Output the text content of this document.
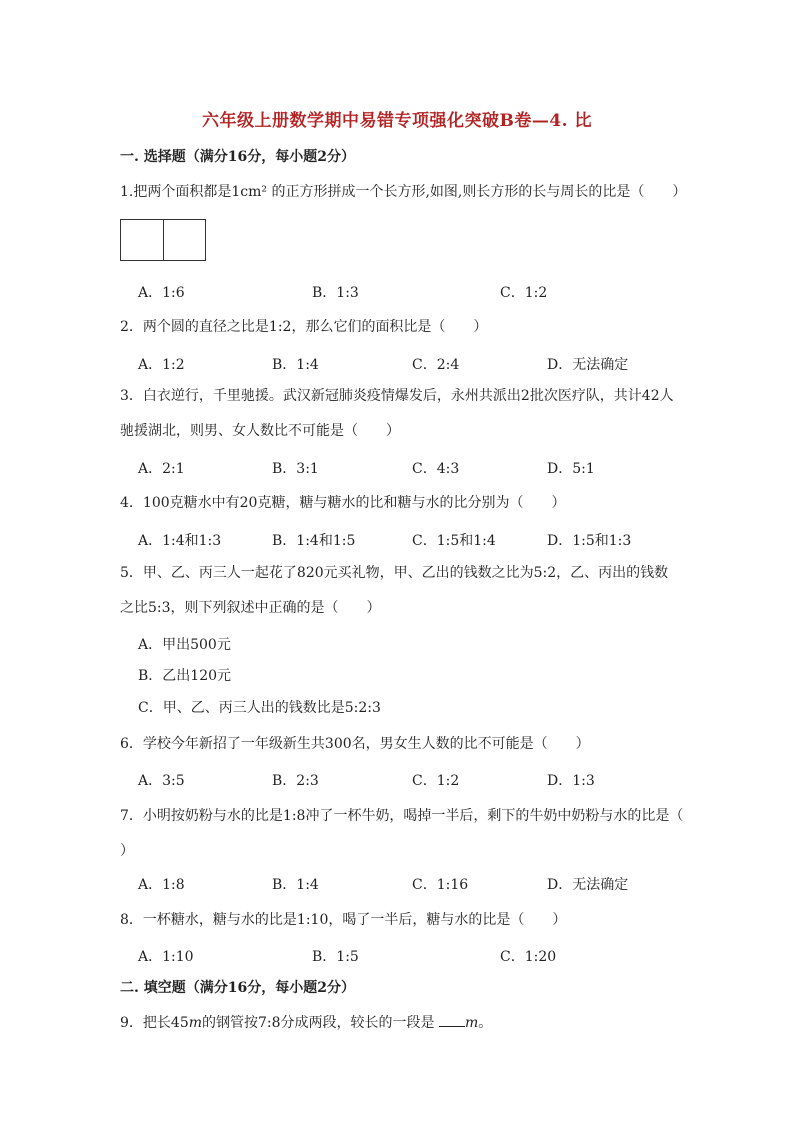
六年级上册数学期中易错专项强化突破B卷—4. 比
一. 选择题（满分16分，每小题2分）
1.把两个面积都是1cm² 的正方形拼成一个长方形,如图,则长方形的长与周长的比是（　　）
A．1:6	B．1:3	C．1:2
2．两个圆的直径之比是1:2，那么它们的面积比是（　　）
A．1:2	B．1:4	C．2:4	D．无法确定
3．白衣逆行，千里驰援。武汉新冠肺炎疫情爆发后，永州共派出2批次医疗队，共计42人
驰援湖北，则男、女人数比不可能是（　　）
A．2:1	B．3:1	C．4:3	D．5:1
4．100克糖水中有20克糖，糖与糖水的比和糖与水的比分别为（　　）
A．1:4和1:3	B．1:4和1:5	C．1:5和1:4	D．1:5和1:3
5．甲、乙、丙三人一起花了820元买礼物，甲、乙出的钱数之比为5:2，乙、丙出的钱数
之比5:3，则下列叙述中正确的是（　　）
A．甲出500元
B．乙出120元
C．甲、乙、丙三人出的钱数比是5:2:3
6．学校今年新招了一年级新生共300名，男女生人数的比不可能是（　　）
A．3:5	B．2:3	C．1:2	D．1:3
7．小明按奶粉与水的比是1:8冲了一杯牛奶，喝掉一半后，剩下的牛奶中奶粉与水的比是（
）
A．1:8	B．1:4	C．1:16	D．无法确定
8．一杯糖水，糖与水的比是1:10，喝了一半后，糖与水的比是（　　）
A．1:10	B．1:5	C．1:20
二. 填空题（满分16分，每小题2分）
9．把长45m的钢管按7:8分成两段，较长的一段是 m。
